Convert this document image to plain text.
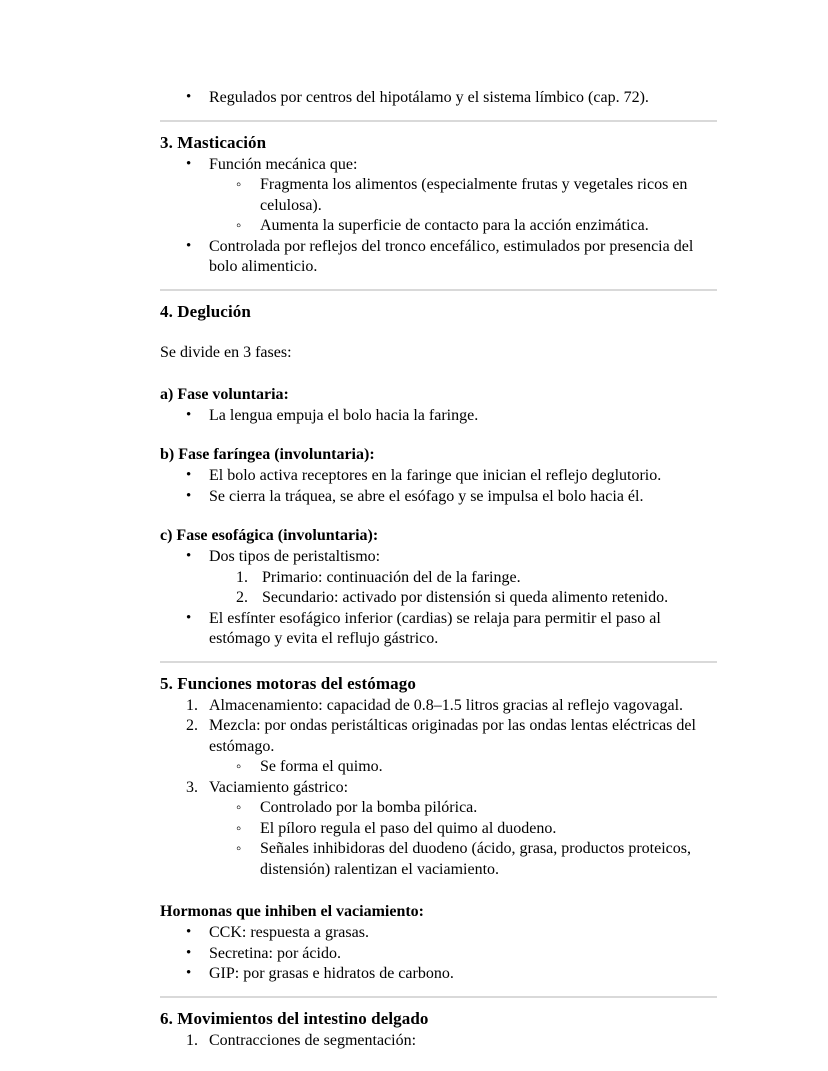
• Regulados por centros del hipotálamo y el sistema límbico (cap. 72).
3. Masticación
• Función mecánica que:
◦ Fragmenta los alimentos (especialmente frutas y vegetales ricos en celulosa).
◦ Aumenta la superficie de contacto para la acción enzimática.
• Controlada por reflejos del tronco encefálico, estimulados por presencia del bolo alimenticio.
4. Deglución

Se divide en 3 fases:

a) Fase voluntaria:

• La lengua empuja el bolo hacia la faringe.

b) Fase faríngea (involuntaria):

• El bolo activa receptores en la faringe que inician el reflejo deglutorio.
• Se cierra la tráquea, se abre el esófago y se impulsa el bolo hacia él.

c) Fase esofágica (involuntaria):

• Dos tipos de peristaltismo:
1. Primario: continuación del de la faringe.
2. Secundario: activado por distensión si queda alimento retenido.
• El esfínter esofágico inferior (cardias) se relaja para permitir el paso al estómago y evita el reflujo gástrico.
5. Funciones motoras del estómago
1. Almacenamiento: capacidad de 0.8–1.5 litros gracias al reflejo vagovagal.
2. Mezcla: por ondas peristálticas originadas por las ondas lentas eléctricas del estómago.
◦ Se forma el quimo.
3. Vaciamiento gástrico:
◦ Controlado por la bomba pilórica.
◦ El píloro regula el paso del quimo al duodeno.
◦ Señales inhibidoras del duodeno (ácido, grasa, productos proteicos, distensión) ralentizan el vaciamiento.

Hormonas que inhiben el vaciamiento:

• CCK: respuesta a grasas.
• Secretina: por ácido.
• GIP: por grasas e hidratos de carbono.
6. Movimientos del intestino delgado
1. Contracciones de segmentación:
